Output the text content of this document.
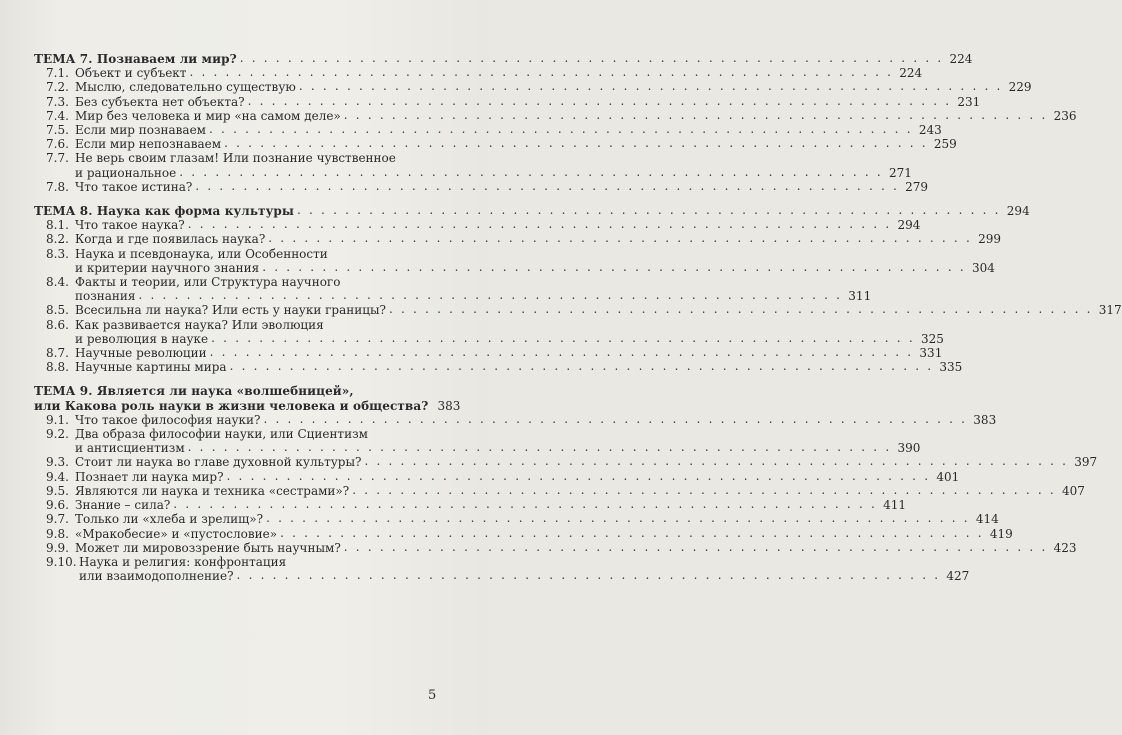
ТЕМА 7. Познаваем ли мир? . . . . . . . . . . . . . . . . . . . . . . . . . . . . . . . . . . . . . . . . . . . . . . . . . . . . . . . . . . . 224
7.1. Объект и субъект . . . . . . . . . . . . . . . . . . . . . . . . . . . . . . . . . . . . . . . . . . . . . . . . . . . . . . . . . . . 224
7.2. Мыслю, следовательно существую . . . . . . . . . . . . . . . . . . . . . . . . . . . . . . . . . . . . . . . . . . . . . . . . . . . . . . . . . . . 229
7.3. Без субъекта нет объекта? . . . . . . . . . . . . . . . . . . . . . . . . . . . . . . . . . . . . . . . . . . . . . . . . . . . . . . . . . . . 231
7.4. Мир без человека и мир «на самом деле» . . . . . . . . . . . . . . . . . . . . . . . . . . . . . . . . . . . . . . . . . . . . . . . . . . . . . . . . . . . 236
7.5. Если мир познаваем . . . . . . . . . . . . . . . . . . . . . . . . . . . . . . . . . . . . . . . . . . . . . . . . . . . . . . . . . . . 243
7.6. Если мир непознаваем . . . . . . . . . . . . . . . . . . . . . . . . . . . . . . . . . . . . . . . . . . . . . . . . . . . . . . . . . . . 259
7.7. Не верь своим глазам! Или познание чувственное
и рациональное . . . . . . . . . . . . . . . . . . . . . . . . . . . . . . . . . . . . . . . . . . . . . . . . . . . . . . . . . . . 271
7.8. Что такое истина? . . . . . . . . . . . . . . . . . . . . . . . . . . . . . . . . . . . . . . . . . . . . . . . . . . . . . . . . . . . 279
ТЕМА 8. Наука как форма культуры . . . . . . . . . . . . . . . . . . . . . . . . . . . . . . . . . . . . . . . . . . . . . . . . . . . . . . . . . . . 294
8.1. Что такое наука? . . . . . . . . . . . . . . . . . . . . . . . . . . . . . . . . . . . . . . . . . . . . . . . . . . . . . . . . . . . 294
8.2. Когда и где появилась наука? . . . . . . . . . . . . . . . . . . . . . . . . . . . . . . . . . . . . . . . . . . . . . . . . . . . . . . . . . . . 299
8.3. Наука и псевдонаука, или Особенности
и критерии научного знания . . . . . . . . . . . . . . . . . . . . . . . . . . . . . . . . . . . . . . . . . . . . . . . . . . . . . . . . . . . 304
8.4. Факты и теории, или Структура научного
познания . . . . . . . . . . . . . . . . . . . . . . . . . . . . . . . . . . . . . . . . . . . . . . . . . . . . . . . . . . . 311
8.5. Всесильна ли наука? Или есть у науки границы? . . . . . . . . . . . . . . . . . . . . . . . . . . . . . . . . . . . . . . . . . . . . . . . . . . . . . . . . . . . 317
8.6. Как развивается наука? Или эволюция
и революция в науке . . . . . . . . . . . . . . . . . . . . . . . . . . . . . . . . . . . . . . . . . . . . . . . . . . . . . . . . . . . 325
8.7. Научные революции . . . . . . . . . . . . . . . . . . . . . . . . . . . . . . . . . . . . . . . . . . . . . . . . . . . . . . . . . . . 331
8.8. Научные картины мира . . . . . . . . . . . . . . . . . . . . . . . . . . . . . . . . . . . . . . . . . . . . . . . . . . . . . . . . . . . 335
ТЕМА 9. Является ли наука «волшебницей»,
или Какова роль науки в жизни человека и общества? 383
9.1. Что такое философия науки? . . . . . . . . . . . . . . . . . . . . . . . . . . . . . . . . . . . . . . . . . . . . . . . . . . . . . . . . . . . 383
9.2. Два образа философии науки, или Сциентизм
и антисциентизм . . . . . . . . . . . . . . . . . . . . . . . . . . . . . . . . . . . . . . . . . . . . . . . . . . . . . . . . . . . 390
9.3. Стоит ли наука во главе духовной культуры? . . . . . . . . . . . . . . . . . . . . . . . . . . . . . . . . . . . . . . . . . . . . . . . . . . . . . . . . . . . 397
9.4. Познает ли наука мир? . . . . . . . . . . . . . . . . . . . . . . . . . . . . . . . . . . . . . . . . . . . . . . . . . . . . . . . . . . . 401
9.5. Являются ли наука и техника «сестрами»? . . . . . . . . . . . . . . . . . . . . . . . . . . . . . . . . . . . . . . . . . . . . . . . . . . . . . . . . . . . 407
9.6. Знание – сила? . . . . . . . . . . . . . . . . . . . . . . . . . . . . . . . . . . . . . . . . . . . . . . . . . . . . . . . . . . . 411
9.7. Только ли «хлеба и зрелищ»? . . . . . . . . . . . . . . . . . . . . . . . . . . . . . . . . . . . . . . . . . . . . . . . . . . . . . . . . . . . 414
9.8. «Мракобесие» и «пустословие» . . . . . . . . . . . . . . . . . . . . . . . . . . . . . . . . . . . . . . . . . . . . . . . . . . . . . . . . . . . 419
9.9. Может ли мировоззрение быть научным? . . . . . . . . . . . . . . . . . . . . . . . . . . . . . . . . . . . . . . . . . . . . . . . . . . . . . . . . . . . 423
9.10. Наука и религия: конфронтация
или взаимодополнение? . . . . . . . . . . . . . . . . . . . . . . . . . . . . . . . . . . . . . . . . . . . . . . . . . . . . . . . . . . . 427
5
